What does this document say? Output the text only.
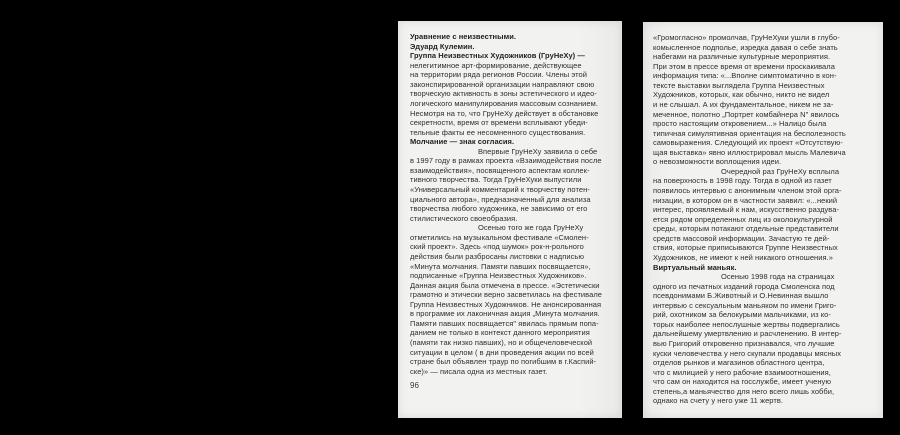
Уравнение с неизвестными.
Эдуард Кулемин.
Группа Неизвестных Художников (ГруНеХу) —
нелегитимное арт-формирование, действующее
на территории ряда регионов России. Члены этой
законспирированной организации направляют свою
творческую активность в зоны эстетического и идео-
логического манипулирования массовым сознанием.
Несмотря на то, что ГруНеХу действует в обстановке
секретности, время от времени всплывают убеди-
тельные факты ее несомненного существования.
Молчание — знак согласия.
Впервые ГруНеХу заявила о себе
в 1997 году в рамках проекта «Взаимодействия после
взаимодействия», посвященного аспектам коллек-
тивного творчества. Тогда ГруНеХуки выпустили
«Универсальный комментарий к творчеству потен-
циального автора», предназначенный для анализа
творчества любого художника, не зависимо от его
стилистического своеобразия.
Осенью того же года ГруНеХу
отметились на музыкальном фестивале «Смолен-
ский проект». Здесь «под шумок» рок-н-рольного
действия были разбросаны листовки с надписью
«Минута молчания. Памяти павших посвящается»,
подписанные «Группа Неизвестных Художников».
Данная акция была отмечена в прессе. «Эстетически
грамотно и этически верно засветилась на фестивале
Группа Неизвестных Художников. Не анонсированная
в программе их лаконичная акция „Минута молчания.
Памяти павших посвящается" явилась прямым попа-
данием не только в контекст данного мероприятия
(памяти так низко павших), но и общечеловеческой
ситуации в целом ( в дни проведения акции по всей
стране был объявлен траур по погибшим в г.Каспий-
ске)» — писала одна из местных газет.
96
«Громогласно» промолчав, ГруНеХуки ушли в глубо-
комысленное подполье, изредка давая о себе знать
набегами на различные культурные мероприятия.
При этом в прессе время от времени проскакивала
информация типа: «...Вполне симптоматично в кон-
тексте выставки выглядела Группа Неизвестных
Художников, которых, как обычно, никто не видел
и не слышал. А их фундаментальное, никем не за-
меченное, полотно „Портрет комбайнера N" явилось
просто настоящим откровением...» Налицо была
типичная симулятивная ориентация на бесполезность
самовыражения. Следующий их проект «Отсутствую-
щая выставка» явно иллюстрировал мысль Малевича
о невозможности воплощения идеи.
Очередной раз ГруНеХу всплыла
на поверхность в 1998 году. Тогда в одной из газет
появилось интервью с анонимным членом этой орга-
низации, в котором он в частности заявил: «...некий
интерес, проявляемый к нам, искусственно раздува-
ется рядом определенных лиц из околокультурной
среды, которым потакают отдельные представители
средств массовой информации. Зачастую те дей-
ствия, которые приписываются Группе Неизвестных
Художников, не имеют к ней никакого отношения.»
Виртуальный маньяк.
Осенью 1998 года на страницах
одного из печатных изданий города Смоленска под
псевдонимами Б.Животный и О.Невинная вышло
интервью с сексуальным маньяком по имени Григо-
рий, охотником за белокурыми мальчиками, из ко-
торых наиболее непослушные жертвы подвергались
дальнейшему умертвлению и расчленению. В интер-
вью Григорий откровенно признавался, что лучшие
куски человечества у него скупали продавцы мясных
отделов рынков и магазинов областного центра,
что с милицией у него рабочие взаимоотношения,
что сам он находится на госслужбе, имеет ученую
степень,а маньячество для него всего лишь хобби,
однако на счету у него уже 11 жертв.
